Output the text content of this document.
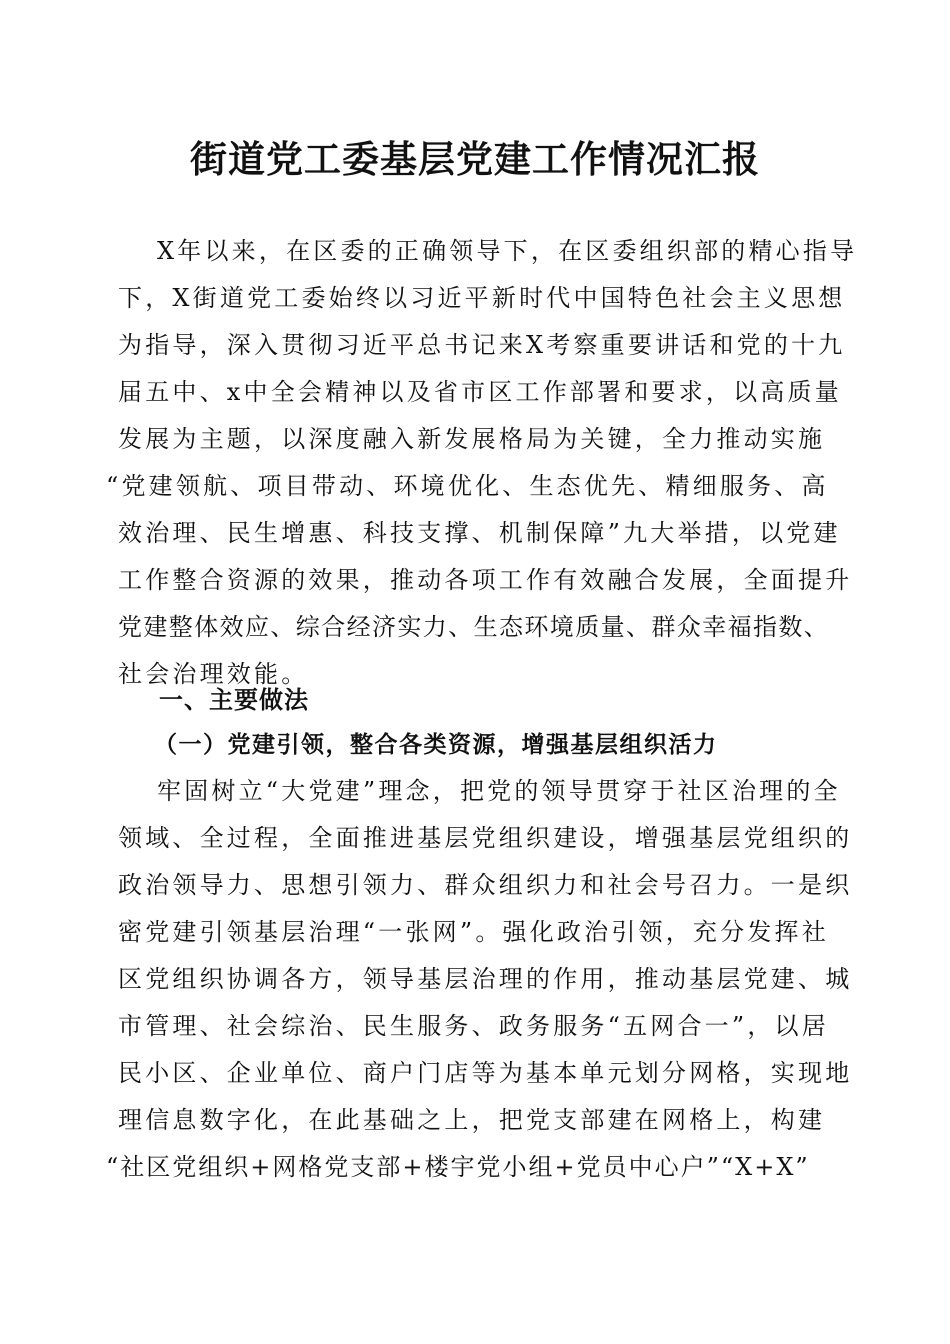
街道党工委基层党建工作情况汇报
X年以来，在区委的正确领导下，在区委组织部的精心指导
下，X街道党工委始终以习近平新时代中国特色社会主义思想
为指导，深入贯彻习近平总书记来X考察重要讲话和党的十九
届五中、x中全会精神以及省市区工作部署和要求，以高质量
发展为主题，以深度融入新发展格局为关键，全力推动实施
“党建领航、项目带动、环境优化、生态优先、精细服务、高
效治理、民生增惠、科技支撑、机制保障”九大举措，以党建
工作整合资源的效果，推动各项工作有效融合发展，全面提升
党建整体效应、综合经济实力、生态环境质量、群众幸福指数、
社会治理效能。
一、主要做法
（一）党建引领，整合各类资源，增强基层组织活力
牢固树立“大党建”理念，把党的领导贯穿于社区治理的全
领域、全过程，全面推进基层党组织建设，增强基层党组织的
政治领导力、思想引领力、群众组织力和社会号召力。一是织
密党建引领基层治理“一张网”。强化政治引领，充分发挥社
区党组织协调各方，领导基层治理的作用，推动基层党建、城
市管理、社会综治、民生服务、政务服务“五网合一”，以居
民小区、企业单位、商户门店等为基本单元划分网格，实现地
理信息数字化，在此基础之上，把党支部建在网格上，构建
“社区党组织+网格党支部+楼宇党小组+党员中心户”“X+X”
